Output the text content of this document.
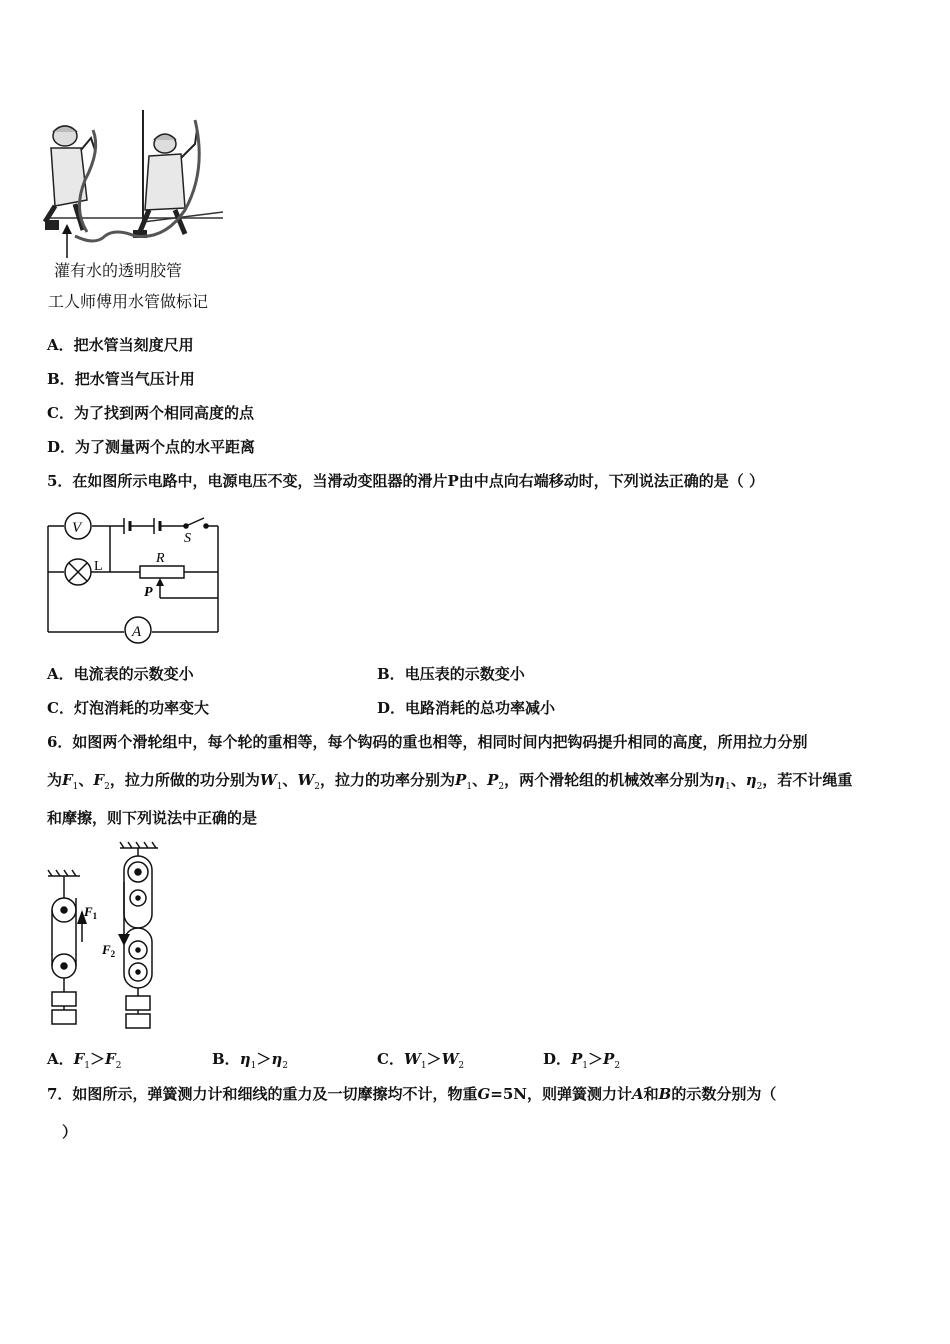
灌有水的透明胶管
工人师傅用水管做标记
A．把水管当刻度尺用
B．把水管当气压计用
C．为了找到两个相同高度的点
D．为了测量两个点的水平距离
5．在如图所示电路中，电源电压不变，当滑动变阻器的滑片P由中点向右端移动时，下列说法正确的是（ ）
V
L
S
R
P
A
A．电流表的示数变小	B．电压表的示数变小
C．灯泡消耗的功率变大	D．电路消耗的总功率减小
6．如图两个滑轮组中，每个轮的重相等，每个钩码的重也相等，相同时间内把钩码提升相同的高度，所用拉力分别
为$F_1$、$F_2$，拉力所做的功分别为$W_1$、$W_2$，拉力的功率分别为$P_1$、$P_2$，两个滑轮组的机械效率分别为$\eta_1$、$\eta_2$，若不计绳重
和摩擦，则下列说法中正确的是
$F_1$
$F_2$
A．$F_1>F_2$	B．$\eta_1>\eta_2$	C．$W_1>W_2$	D．$P_1>P_2$
7．如图所示，弹簧测力计和细线的重力及一切摩擦均不计，物重G=5N，则弹簧测力计A和B的示数分别为（
）
